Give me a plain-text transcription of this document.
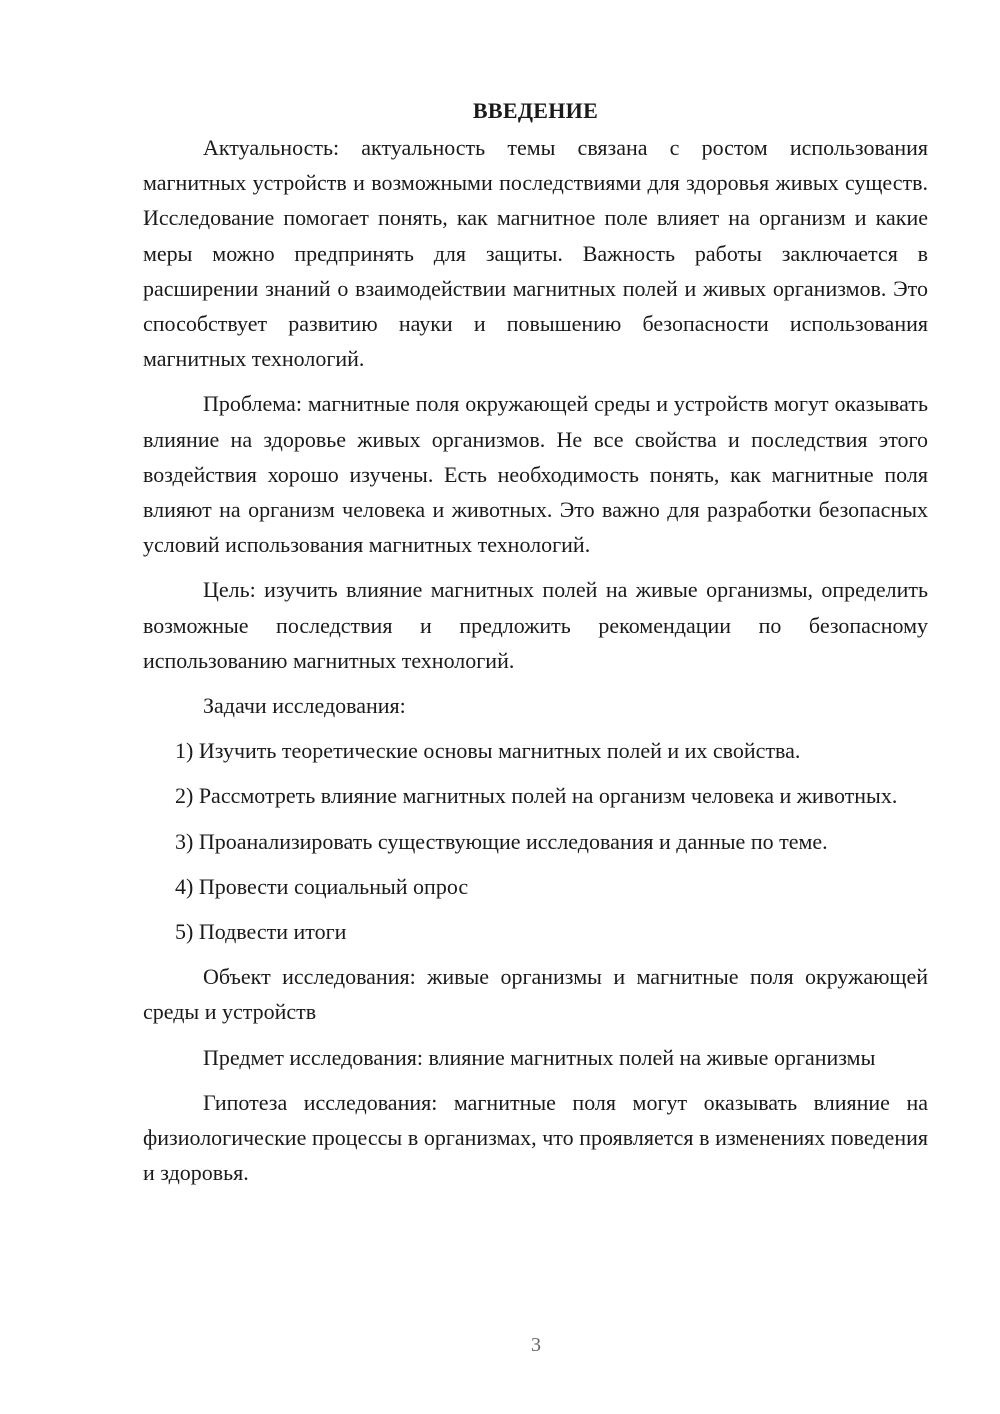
ВВЕДЕНИЕ

Актуальность: актуальность темы связана с ростом использования магнитных устройств и возможными последствиями для здоровья живых существ. Исследование помогает понять, как магнитное поле влияет на организм и какие меры можно предпринять для защиты. Важность работы заключается в расширении знаний о взаимодействии магнитных полей и живых организмов. Это способствует развитию науки и повышению безопасности использования магнитных технологий.

Проблема: магнитные поля окружающей среды и устройств могут оказывать влияние на здоровье живых организмов. Не все свойства и последствия этого воздействия хорошо изучены. Есть необходимость понять, как магнитные поля влияют на организм человека и животных. Это важно для разработки безопасных условий использования магнитных технологий.

Цель: изучить влияние магнитных полей на живые организмы, определить возможные последствия и предложить рекомендации по безопасному использованию магнитных технологий.

Задачи исследования:

1) Изучить теоретические основы магнитных полей и их свойства.

2) Рассмотреть влияние магнитных полей на организм человека и животных.

3) Проанализировать существующие исследования и данные по теме.

4) Провести социальный опрос

5) Подвести итоги

Объект исследования: живые организмы и магнитные поля окружающей среды и устройств

Предмет исследования: влияние магнитных полей на живые организмы

Гипотеза исследования: магнитные поля могут оказывать влияние на физиологические процессы в организмах, что проявляется в изменениях поведения и здоровья.

3
